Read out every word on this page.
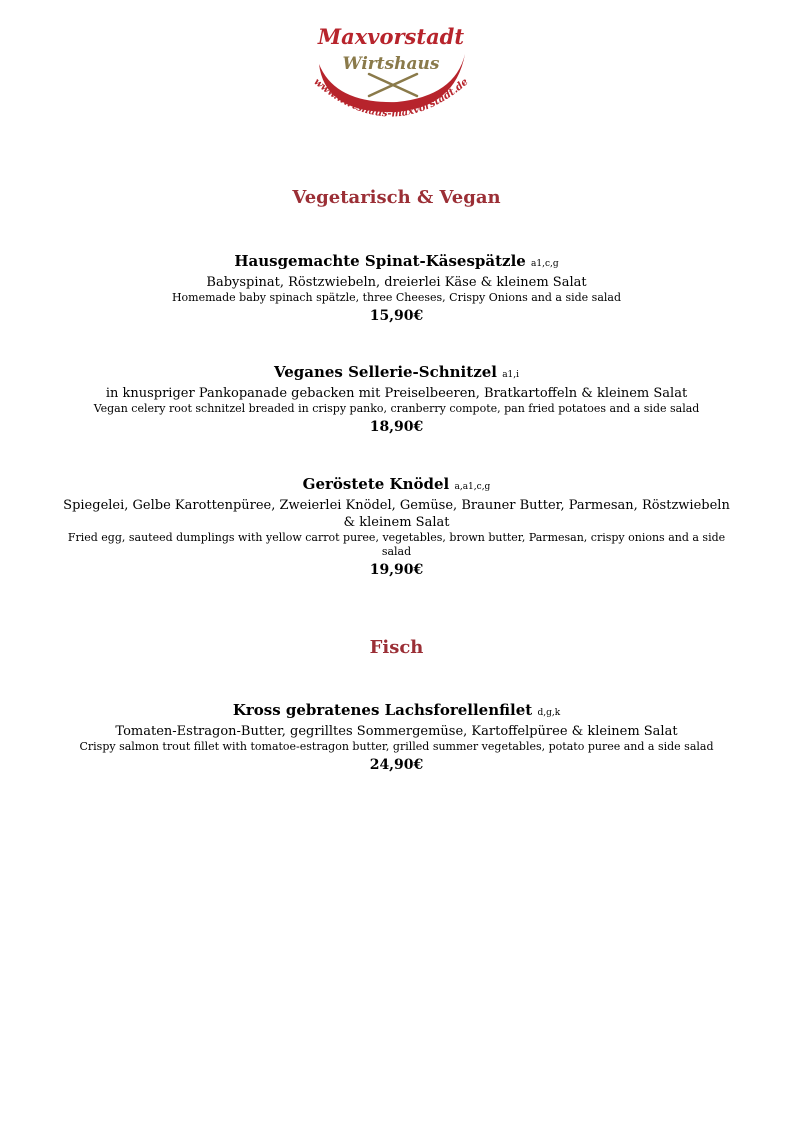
Maxvorstadt
Wirtshaus
www.wirtshaus-maxvorstadt.de
Vegetarisch & Vegan
Hausgemachte Spinat-Käsespätzle a1,c,g
Babyspinat, Röstzwiebeln, dreierlei Käse & kleinem Salat
Homemade baby spinach spätzle, three Cheeses, Crispy Onions and a side salad
15,90€
Veganes Sellerie-Schnitzel a1,i
in knuspriger Pankopanade gebacken mit Preiselbeeren, Bratkartoffeln & kleinem Salat
Vegan celery root schnitzel breaded in crispy panko, cranberry compote, pan fried potatoes and a side salad
18,90€
Geröstete Knödel a,a1,c,g
Spiegelei, Gelbe Karottenpüree, Zweierlei Knödel, Gemüse, Brauner Butter, Parmesan, Röstzwiebeln & kleinem Salat
Fried egg, sauteed dumplings with yellow carrot puree, vegetables, brown butter, Parmesan, crispy onions and a side salad
19,90€
Fisch
Kross gebratenes Lachsforellenfilet d,g,k
Tomaten-Estragon-Butter, gegrilltes Sommergemüse, Kartoffelpüree & kleinem Salat
Crispy salmon trout fillet with tomatoe-estragon butter, grilled summer vegetables, potato puree and a side salad
24,90€
